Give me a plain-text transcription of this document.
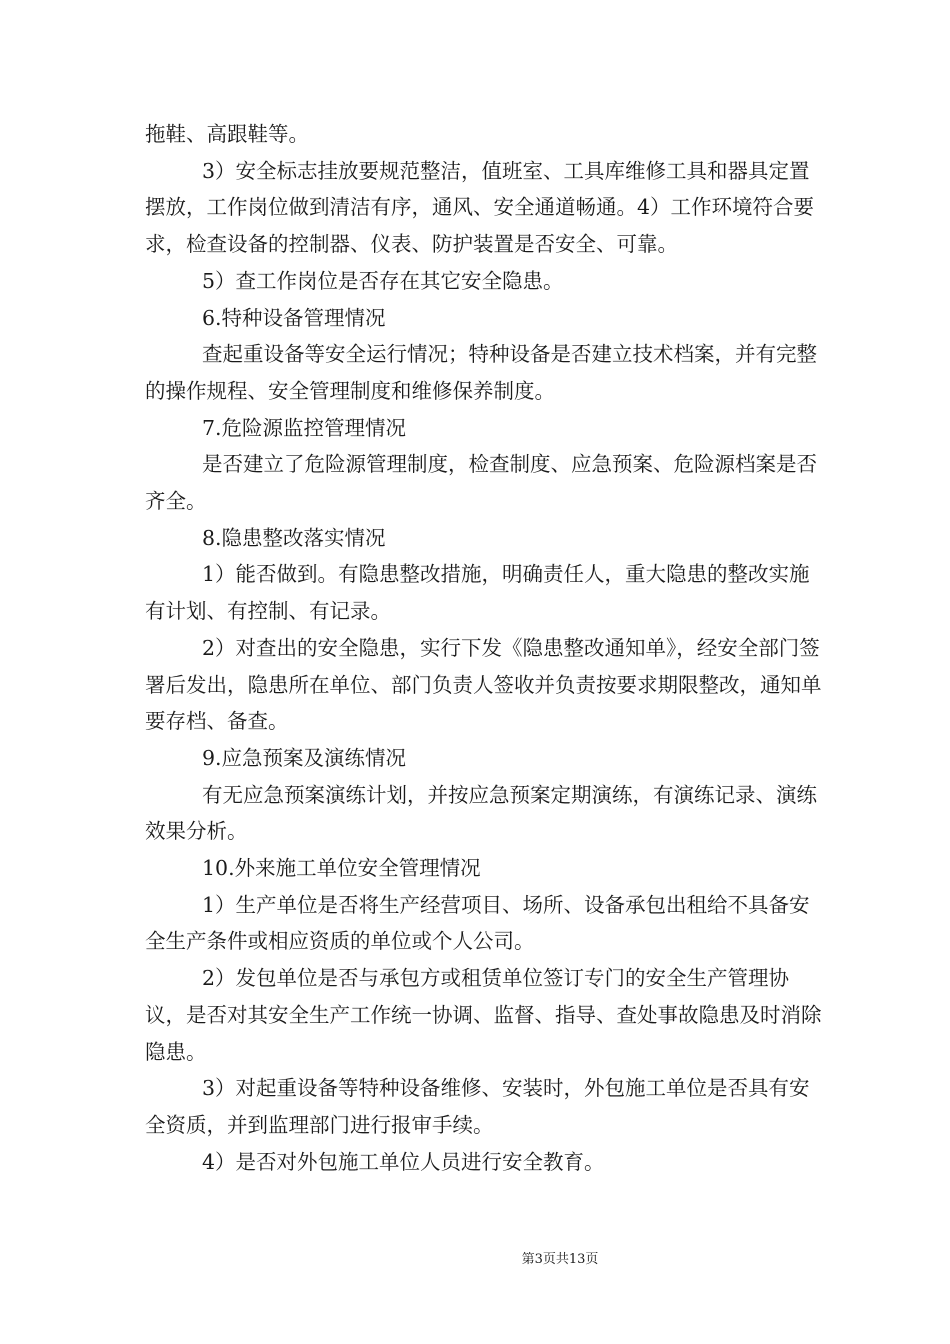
拖鞋、高跟鞋等。

3）安全标志挂放要规范整洁，值班室、工具库维修工具和器具定置摆放，工作岗位做到清洁有序，通风、安全通道畅通。4）工作环境符合要求，检查设备的控制器、仪表、防护装置是否安全、可靠。

5）查工作岗位是否存在其它安全隐患。

6.特种设备管理情况

查起重设备等安全运行情况；特种设备是否建立技术档案，并有完整的操作规程、安全管理制度和维修保养制度。

7.危险源监控管理情况

是否建立了危险源管理制度，检查制度、应急预案、危险源档案是否齐全。

8.隐患整改落实情况

1）能否做到。有隐患整改措施，明确责任人，重大隐患的整改实施有计划、有控制、有记录。

2）对查出的安全隐患，实行下发《隐患整改通知单》，经安全部门签署后发出，隐患所在单位、部门负责人签收并负责按要求期限整改，通知单要存档、备查。

9.应急预案及演练情况

有无应急预案演练计划，并按应急预案定期演练，有演练记录、演练效果分析。

10.外来施工单位安全管理情况

1）生产单位是否将生产经营项目、场所、设备承包出租给不具备安全生产条件或相应资质的单位或个人公司。

2）发包单位是否与承包方或租赁单位签订专门的安全生产管理协议，是否对其安全生产工作统一协调、监督、指导、查处事故隐患及时消除隐患。

3）对起重设备等特种设备维修、安装时，外包施工单位是否具有安全资质，并到监理部门进行报审手续。

4）是否对外包施工单位人员进行安全教育。

第3页共13页
